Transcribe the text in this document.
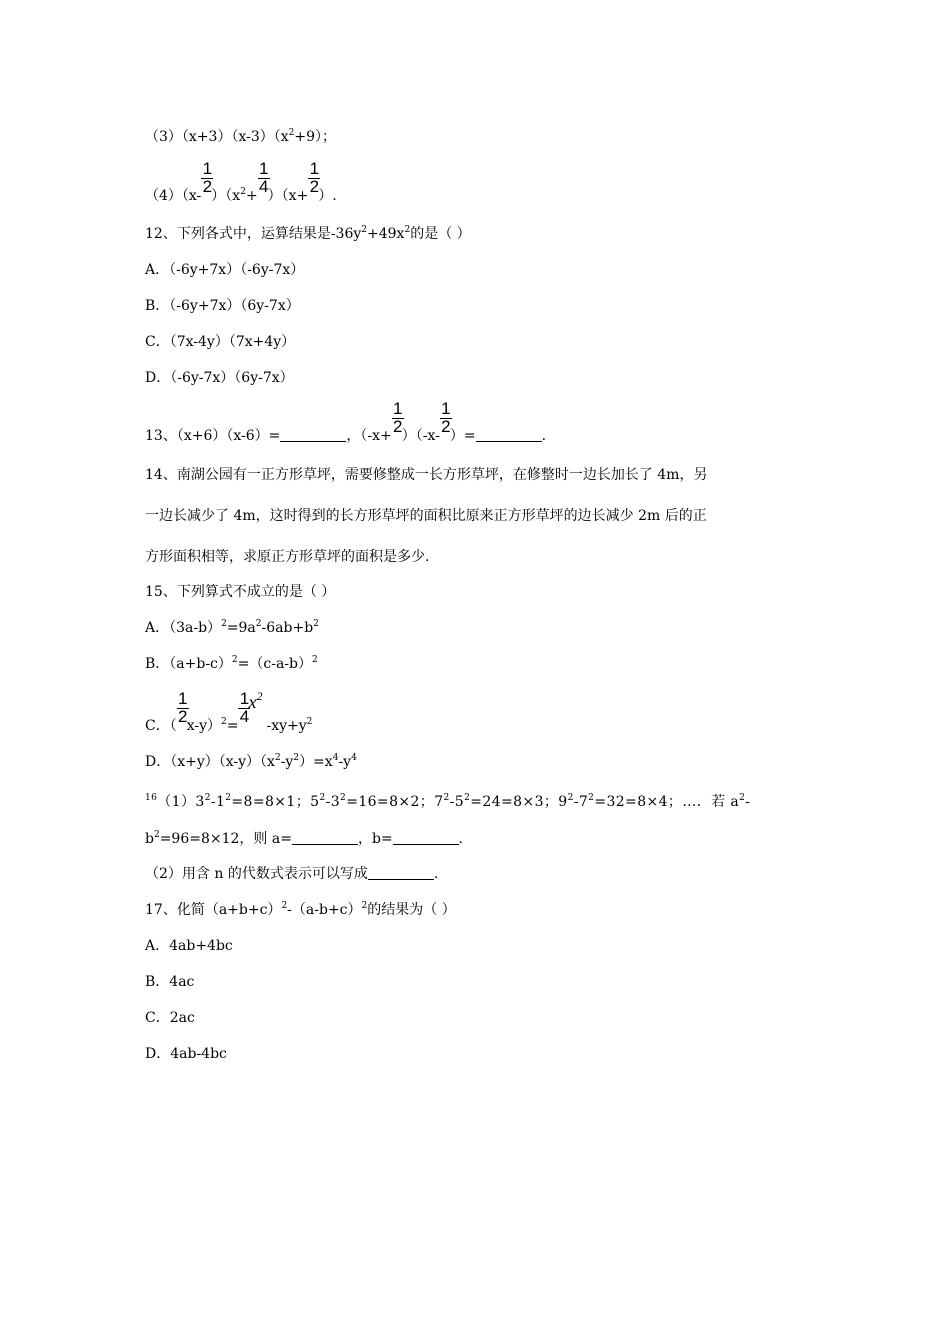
$(3)(x+3)(x-3)(x^2+9)$；
$(4)(x- \frac{1}{2} )(x^2+ \frac{1}{4} )(x+ \frac{1}{2}$ ）.
12、下列各式中，运算结果是$-36y^2+49x^2$的是（ ）
A．（-6y+7x）（-6y-7x）
B．（-6y+7x）（6y-7x）
C．（7x-4y）（7x+4y）
D．（-6y-7x）（6y-7x）
13、（x+6）（x-6）=	，$(-x+ \frac{1}{2} )(-x- \frac{1}{2}$ ）=	.
14、南湖公园有一正方形草坪，需要修整成一长方形草坪，在修整时一边长加长了 4m，另
一边长减少了 4m，这时得到的长方形草坪的面积比原来正方形草坪的边长减少 2m 后的正
方形面积相等，求原正方形草坪的面积是多少.
15、下列算式不成立的是（ ）
A．$(3a-b)^2=9a^2-6ab+b^2$
B．$(a+b-c)^2=(c-a-b)^2$
C．（ $\frac{1}{2} x-y)^2= \frac{1}{4}$
$x^2-xy+y^2$
D．$(x+y)(x-y)(x^2-y^2)=x^4-y^4$
$^{16}(1)3^2-1^2=8=8\times 1$；$5^2-3^2=16=8\times 2$；$7^2-5^2=24=8\times 3$；$9^2-7^2=32=8\times 4$；…．若 $a^2-$
$b^2=96=8\times 12$，则 a=	，b=	.
（2）用含 n 的代数式表示可以写成	.
17、化简$(a+b+c)^2-(a-b+c)^2$的结果为（ ）
A．4ab+4bc
B．4ac
C．2ac
D．4ab-4bc
